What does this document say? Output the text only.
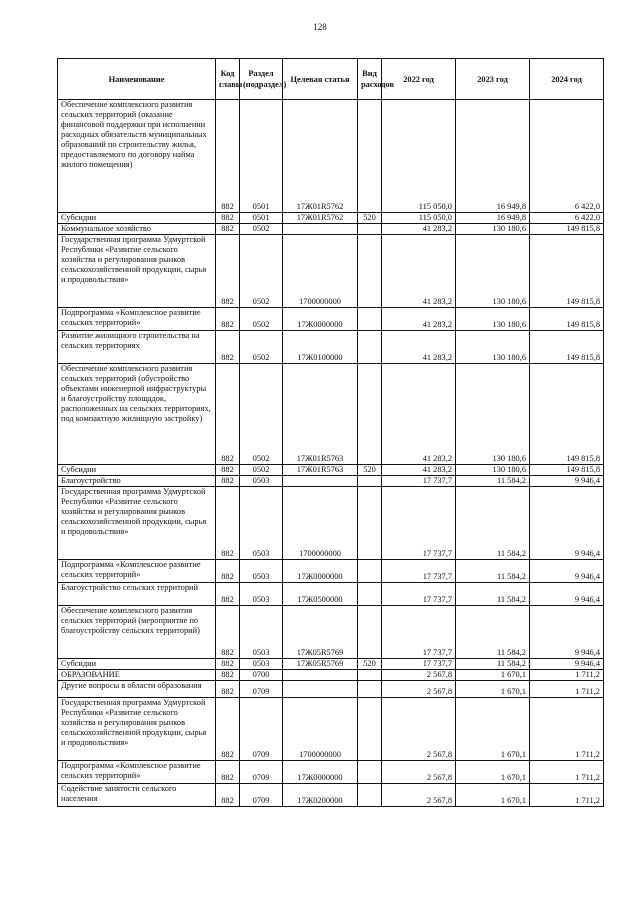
128
Наименование	Код главы	Раздел (подраздел)	Целевая статья	Вид расходов	2022 год	2023 год	2024 год
Обеспечение комплексного развития сельских территорий (оказание финансовой поддержки при исполнении расходных обязательств муниципальных образований по строительству жилья, предоставляемого по договору найма жилого помещения)	882	0501	17Ж01R5762		115 050,0	16 949,8	6 422,0
Субсидии	882	0501	17Ж01R5762	520	115 050,0	16 949,8	6 422,0
Коммунальное хозяйство	882	0502			41 283,2	130 180,6	149 815,8
Государственная программа Удмуртской Республики «Развитие сельского хозяйства и регулирования рынков сельскохозяйственной продукции, сырья и продовольствия»	882	0502	1700000000		41 283,2	130 180,6	149 815,8
Подпрограмма «Комплексное развитие сельских территорий»	882	0502	17Ж0000000		41 283,2	130 180,6	149 815,8
Развитие жилищного строительства на сельских территориях	882	0502	17Ж0100000		41 283,2	130 180,6	149 815,8
Обеспечение комплексного развития сельских территорий (обустройство объектами инженерной инфраструктуры и благоустройству площадок, расположенных на сельских территориях, под компактную жилищную застройку)	882	0502	17Ж01R5763		41 283,2	130 180,6	149 815,8
Субсидии	882	0502	17Ж01R5763	520	41 283,2	130 180,6	149 815,8
Благоустройство	882	0503			17 737,7	11 584,2	9 946,4
Государственная программа Удмуртской Республики «Развитие сельского хозяйства и регулирования рынков сельскохозяйственной продукции, сырья и продовольствия»	882	0503	1700000000		17 737,7	11 584,2	9 946,4
Подпрограмма «Комплексное развитие сельских территорий»	882	0503	17Ж0000000		17 737,7	11 584,2	9 946,4
Благоустройство сельских территорий	882	0503	17Ж0500000		17 737,7	11 584,2	9 946,4
Обеспечение комплексного развития сельских территорий (мероприятие по благоустройству сельских территорий)	882	0503	17Ж05R5769		17 737,7	11 584,2	9 946,4
Субсидии	882	0503	17Ж05R5769	520	17 737,7	11 584,2	9 946,4
ОБРАЗОВАНИЕ	882	0700			2 567,8	1 670,1	1 711,2
Другие вопросы в области образования	882	0709			2 567,8	1 670,1	1 711,2
Государственная программа Удмуртской Республики «Развитие сельского хозяйства и регулирования рынков сельскохозяйственной продукции, сырья и продовольствия»	882	0709	1700000000		2 567,8	1 670,1	1 711,2
Подпрограмма «Комплексное развитие сельских территорий»	882	0709	17Ж0000000		2 567,8	1 670,1	1 711,2
Содействие занятости сельского населения	882	0709	17Ж0200000		2 567,8	1 670,1	1 711,2
